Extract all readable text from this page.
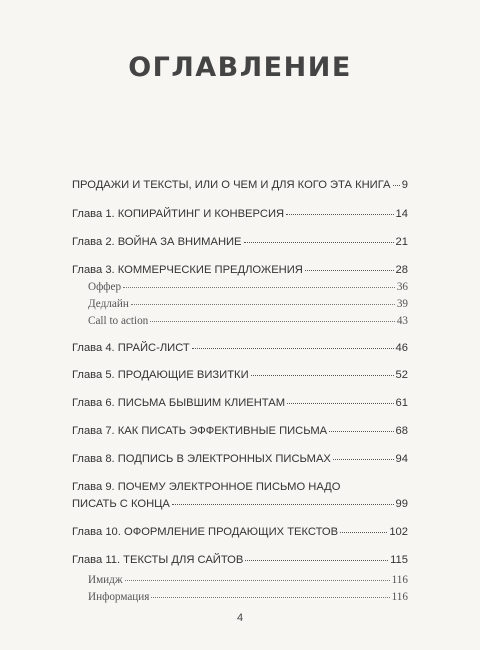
ОГЛАВЛЕНИЕ
ПРОДАЖИ И ТЕКСТЫ, ИЛИ О ЧЕМ И ДЛЯ КОГО ЭТА КНИГА 9
Глава 1. КОПИРАЙТИНГ И КОНВЕРСИЯ	14
Глава 2. ВОЙНА ЗА ВНИМАНИЕ	21
Глава 3. КОММЕРЧЕСКИЕ ПРЕДЛОЖЕНИЯ	28
Оффер	36
Дедлайн	39
Call to action	43
Глава 4. ПРАЙС-ЛИСТ	46
Глава 5. ПРОДАЮЩИЕ ВИЗИТКИ	52
Глава 6. ПИСЬМА БЫВШИМ КЛИЕНТАМ	61
Глава 7. КАК ПИСАТЬ ЭФФЕКТИВНЫЕ ПИСЬМА	68
Глава 8. ПОДПИСЬ В ЭЛЕКТРОННЫХ ПИСЬМАХ	94
Глава 9. ПОЧЕМУ ЭЛЕКТРОННОЕ ПИСЬМО НАДО
ПИСАТЬ С КОНЦА	99
Глава 10. ОФОРМЛЕНИЕ ПРОДАЮЩИХ ТЕКСТОВ	102
Глава 11. ТЕКСТЫ ДЛЯ САЙТОВ	115
Имидж	116
Информация	116
4
